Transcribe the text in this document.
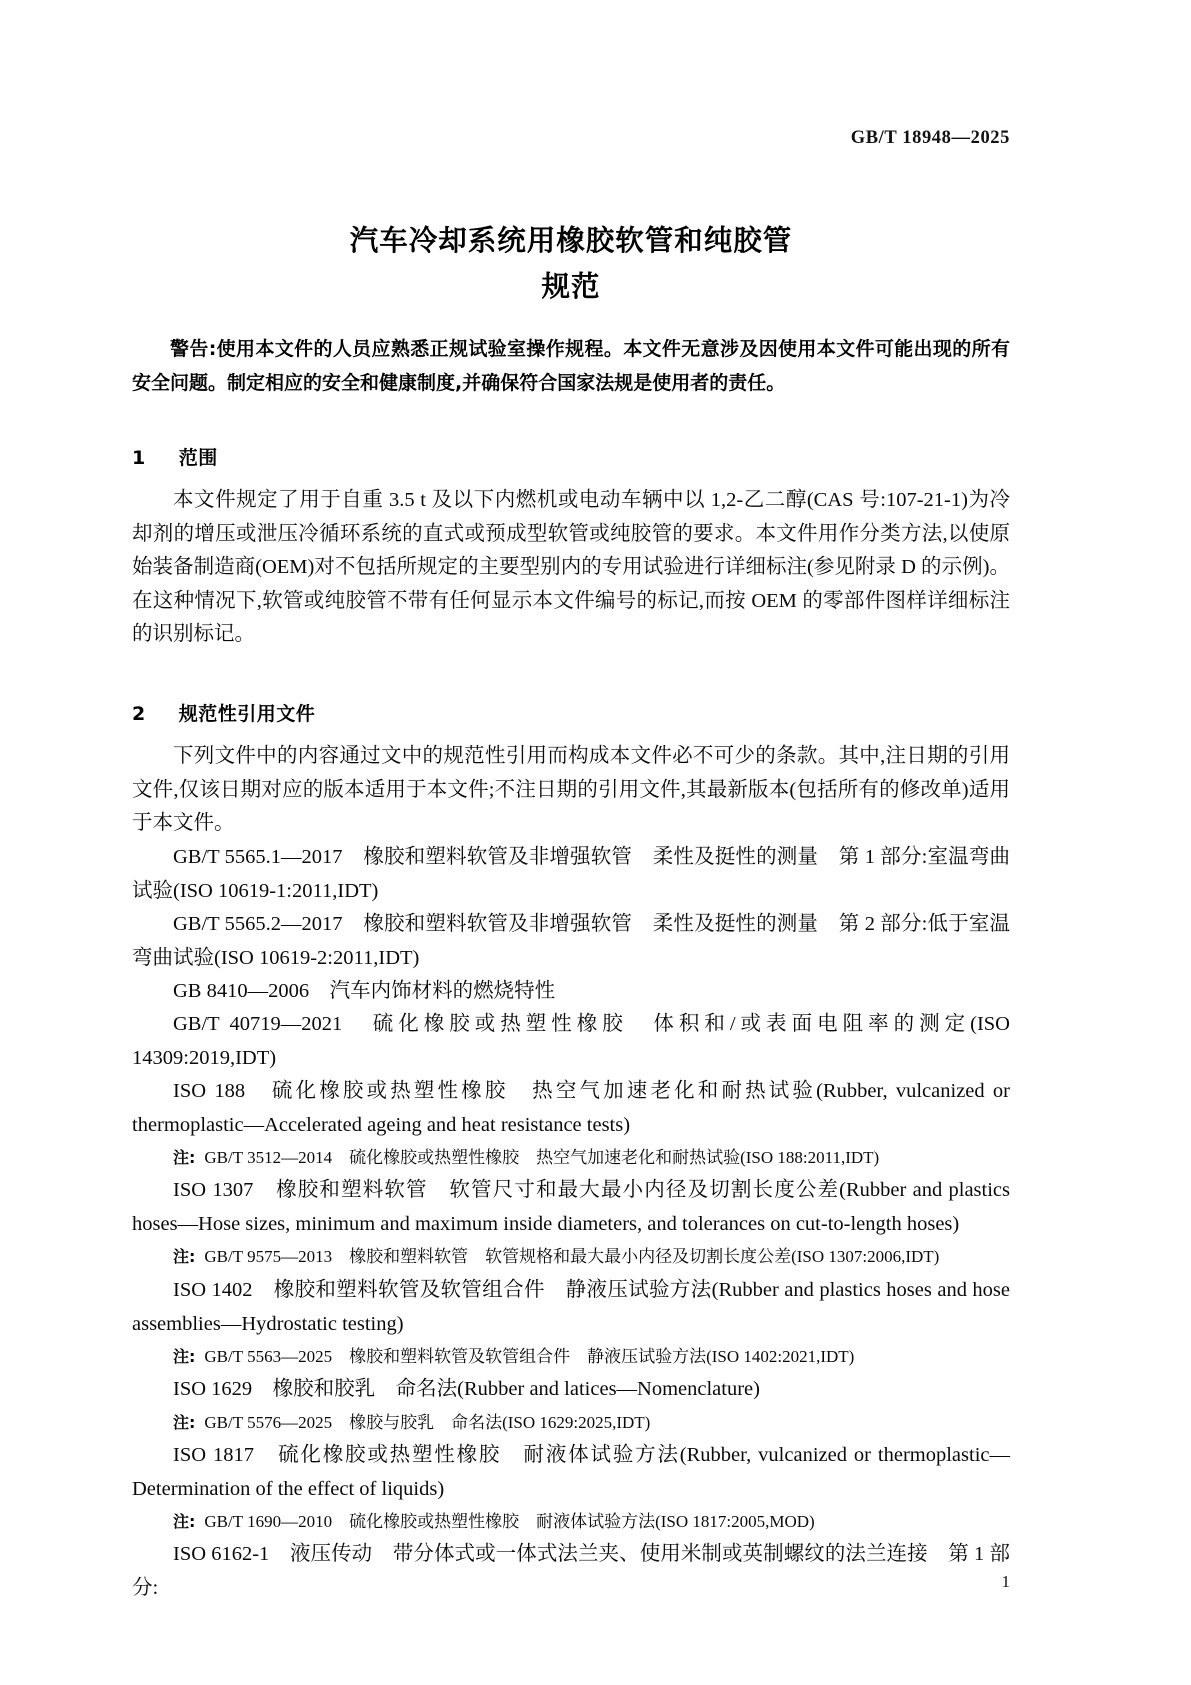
GB/T 18948—2025
汽车冷却系统用橡胶软管和纯胶管
规范
警告:使用本文件的人员应熟悉正规试验室操作规程。本文件无意涉及因使用本文件可能出现的所有安全问题。制定相应的安全和健康制度,并确保符合国家法规是使用者的责任。
1 范围
本文件规定了用于自重 3.5 t 及以下内燃机或电动车辆中以 1,2-乙二醇(CAS 号:107-21-1)为冷却剂的增压或泄压冷循环系统的直式或预成型软管或纯胶管的要求。本文件用作分类方法,以使原始装备制造商(OEM)对不包括所规定的主要型别内的专用试验进行详细标注(参见附录 D 的示例)。在这种情况下,软管或纯胶管不带有任何显示本文件编号的标记,而按 OEM 的零部件图样详细标注的识别标记。
2 规范性引用文件
下列文件中的内容通过文中的规范性引用而构成本文件必不可少的条款。其中,注日期的引用文件,仅该日期对应的版本适用于本文件;不注日期的引用文件,其最新版本(包括所有的修改单)适用于本文件。
GB/T 5565.1—2017　橡胶和塑料软管及非增强软管　柔性及挺性的测量　第 1 部分:室温弯曲试验(ISO 10619-1:2011,IDT)
GB/T 5565.2—2017　橡胶和塑料软管及非增强软管　柔性及挺性的测量　第 2 部分:低于室温弯曲试验(ISO 10619-2:2011,IDT)
GB 8410—2006　汽车内饰材料的燃烧特性
GB/T 40719—2021　硫化橡胶或热塑性橡胶　体积和/或表面电阻率的测定(ISO 14309:2019,IDT)
ISO 188　硫化橡胶或热塑性橡胶　热空气加速老化和耐热试验(Rubber, vulcanized or thermoplastic—Accelerated ageing and heat resistance tests)
注: GB/T 3512—2014　硫化橡胶或热塑性橡胶　热空气加速老化和耐热试验(ISO 188:2011,IDT)
ISO 1307　橡胶和塑料软管　软管尺寸和最大最小内径及切割长度公差(Rubber and plastics hoses—Hose sizes, minimum and maximum inside diameters, and tolerances on cut-to-length hoses)
注: GB/T 9575—2013　橡胶和塑料软管　软管规格和最大最小内径及切割长度公差(ISO 1307:2006,IDT)
ISO 1402　橡胶和塑料软管及软管组合件　静液压试验方法(Rubber and plastics hoses and hose assemblies—Hydrostatic testing)
注: GB/T 5563—2025　橡胶和塑料软管及软管组合件　静液压试验方法(ISO 1402:2021,IDT)
ISO 1629　橡胶和胶乳　命名法(Rubber and latices—Nomenclature)
注: GB/T 5576—2025　橡胶与胶乳　命名法(ISO 1629:2025,IDT)
ISO 1817　硫化橡胶或热塑性橡胶　耐液体试验方法(Rubber, vulcanized or thermoplastic— Determination of the effect of liquids)
注: GB/T 1690—2010　硫化橡胶或热塑性橡胶　耐液体试验方法(ISO 1817:2005,MOD)
ISO 6162-1　液压传动　带分体式或一体式法兰夹、使用米制或英制螺纹的法兰连接　第 1 部分:	1
